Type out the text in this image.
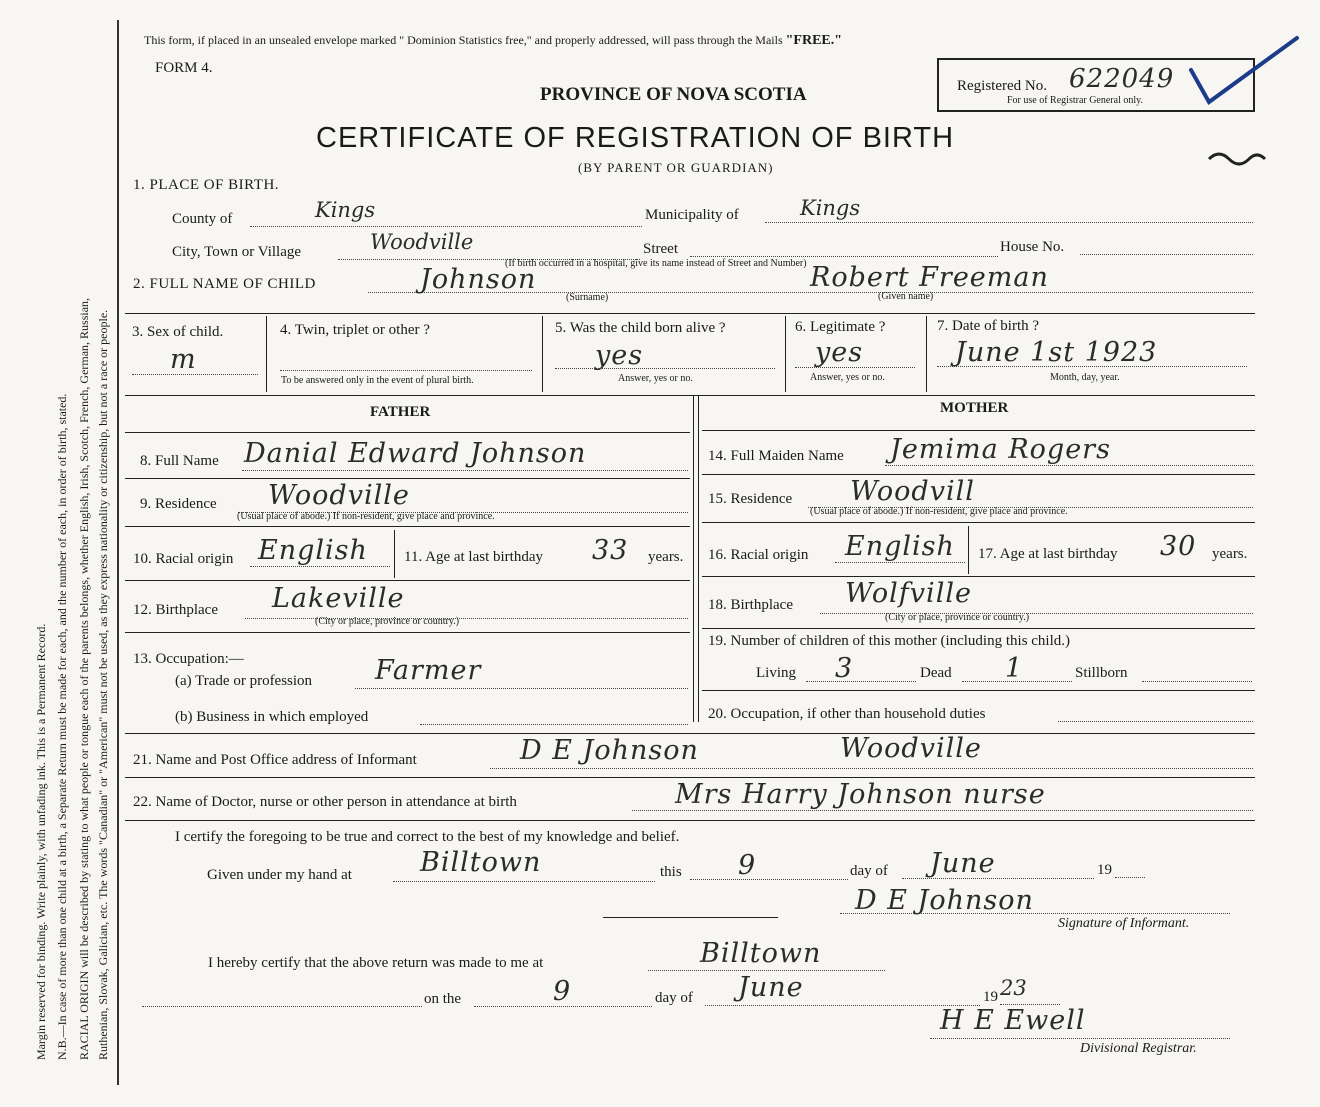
Margin reserved for binding. Write plainly, with unfading ink. This is a Permanent Record. N.B.—In case of more than one child at a birth, a Separate Return must be made for each, and the number of each, in order of birth, stated. RACIAL ORIGIN will be described by stating to what people or tongue each of the parents belongs, whether English, Irish, Scotch, French, German, Russian, Ruthenian, Slovak, Galician, etc. The words "Canadian" or "American" must not be used, as they express nationality or citizenship, but not a race or people.
This form, if placed in an unsealed envelope marked " Dominion Statistics free," and properly addressed, will pass through the Mails "FREE."
FORM 4.
PROVINCE OF NOVA SCOTIA
CERTIFICATE OF REGISTRATION OF BIRTH
(BY PARENT OR GUARDIAN)
Registered No. 622049
For use of Registrar General only.
1. PLACE OF BIRTH.
County of	Kings	Municipality of	Kings
City, Town or Village	Woodville	Street	House No.
(If birth occurred in a hospital, give its name instead of Street and Number)
2. FULL NAME OF CHILD	Johnson
(Surname)
Robert Freeman
(Given name)
3. Sex of child.
m
4. Twin, triplet or other ?
To be answered only in the event of plural birth.
5. Was the child born alive ?
yes
Answer, yes or no.
6. Legitimate ?
yes
Answer, yes or no.
7. Date of birth ?
June 1st 1923
Month, day, year.
FATHER	MOTHER
8. Full Name Danial Edward Johnson
9. Residence Woodville
(Usual place of abode.) If non-resident, give place and province.
10. Racial origin English 11. Age at last birthday 33 years.
12. Birthplace Lakeville
(City or place, province or country.)
13. Occupation:—
(a) Trade or profession Farmer
(b) Business in which employed
14. Full Maiden Name Jemima Rogers
15. Residence Woodvill
(Usual place of abode.) If non-resident, give place and province.
16. Racial origin English 17. Age at last birthday 30 years.
18. Birthplace Wolfville
(City or place, province or country.)
19. Number of children of this mother (including this child.)
Living 3	Dead 1	Stillborn
20. Occupation, if other than household duties
21. Name and Post Office address of Informant	D E Johnson	Woodville
22. Name of Doctor, nurse or other person in attendance at birth	Mrs Harry Johnson nurse
I certify the foregoing to be true and correct to the best of my knowledge and belief.
Given under my hand at	Billtown	this 9	day of June	19
D E Johnson
Signature of Informant.
I hereby certify that the above return was made to me at	Billtown
on the	9	day of June	19 23
H E Ewell
Divisional Registrar.
